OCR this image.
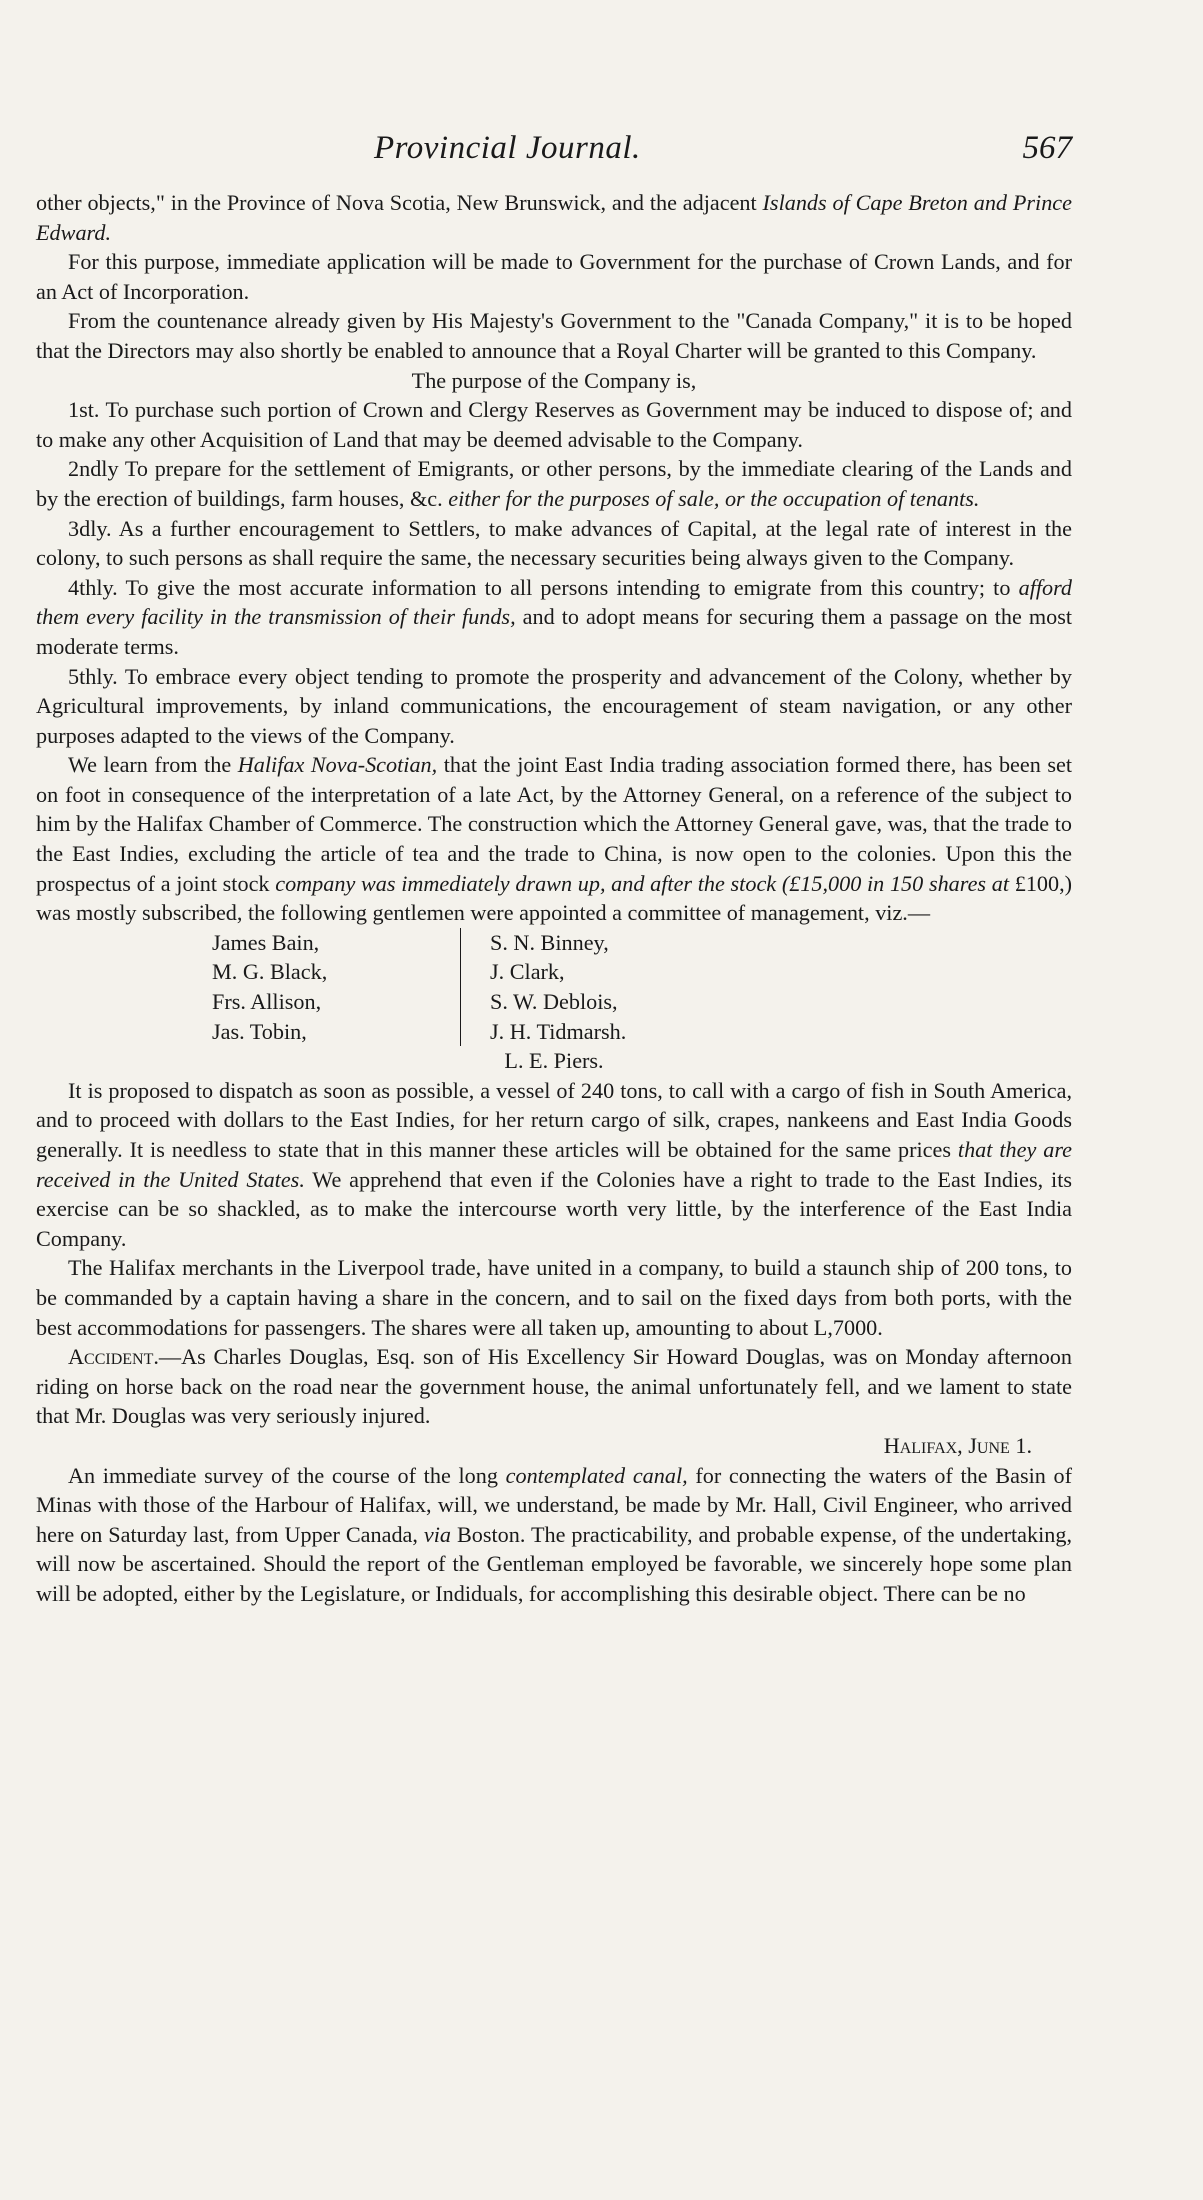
Provincial Journal.	567

other objects," in the Province of Nova Scotia, New Brunswick, and the adjacent Islands of Cape Breton and Prince Edward.

For this purpose, immediate application will be made to Government for the purchase of Crown Lands, and for an Act of Incorporation.

From the countenance already given by His Majesty's Government to the "Canada Company," it is to be hoped that the Directors may also shortly be enabled to announce that a Royal Charter will be granted to this Company.

The purpose of the Company is,

1st. To purchase such portion of Crown and Clergy Reserves as Government may be induced to dispose of; and to make any other Acquisition of Land that may be deemed advisable to the Company.

2ndly To prepare for the settlement of Emigrants, or other persons, by the immediate clearing of the Lands and by the erection of buildings, farm houses, &c. either for the purposes of sale, or the occupation of tenants.

3dly. As a further encouragement to Settlers, to make advances of Capital, at the legal rate of interest in the colony, to such persons as shall require the same, the necessary securities being always given to the Company.

4thly. To give the most accurate information to all persons intending to emigrate from this country; to afford them every facility in the transmission of their funds, and to adopt means for securing them a passage on the most moderate terms.

5thly. To embrace every object tending to promote the prosperity and advancement of the Colony, whether by Agricultural improvements, by inland communications, the encouragement of steam navigation, or any other purposes adapted to the views of the Company.

We learn from the Halifax Nova-Scotian, that the joint East India trading association formed there, has been set on foot in consequence of the interpretation of a late Act, by the Attorney General, on a reference of the subject to him by the Halifax Chamber of Commerce. The construction which the Attorney General gave, was, that the trade to the East Indies, excluding the article of tea and the trade to China, is now open to the colonies. Upon this the prospectus of a joint stock company was immediately drawn up, and after the stock (£15,000 in 150 shares at £100,) was mostly subscribed, the following gentlemen were appointed a committee of management, viz.—

James Bain,
M. G. Black,
Frs. Allison,
Jas. Tobin,
S. N. Binney,
J. Clark,
S. W. Deblois,
J. H. Tidmarsh.
L. E. Piers.

It is proposed to dispatch as soon as possible, a vessel of 240 tons, to call with a cargo of fish in South America, and to proceed with dollars to the East Indies, for her return cargo of silk, crapes, nankeens and East India Goods generally. It is needless to state that in this manner these articles will be obtained for the same prices that they are received in the United States. We apprehend that even if the Colonies have a right to trade to the East Indies, its exercise can be so shackled, as to make the intercourse worth very little, by the interference of the East India Company.

The Halifax merchants in the Liverpool trade, have united in a company, to build a staunch ship of 200 tons, to be commanded by a captain having a share in the concern, and to sail on the fixed days from both ports, with the best accommodations for passengers. The shares were all taken up, amounting to about L,7000.

Accident.—As Charles Douglas, Esq. son of His Excellency Sir Howard Douglas, was on Monday afternoon riding on horse back on the road near the government house, the animal unfortunately fell, and we lament to state that Mr. Douglas was very seriously injured.

Halifax, June 1.

An immediate survey of the course of the long contemplated canal, for connecting the waters of the Basin of Minas with those of the Harbour of Halifax, will, we understand, be made by Mr. Hall, Civil Engineer, who arrived here on Saturday last, from Upper Canada, via Boston. The practicability, and probable expense, of the undertaking, will now be ascertained. Should the report of the Gentleman employed be favorable, we sincerely hope some plan will be adopted, either by the Legislature, or Indiduals, for accomplishing this desirable object. There can be no
